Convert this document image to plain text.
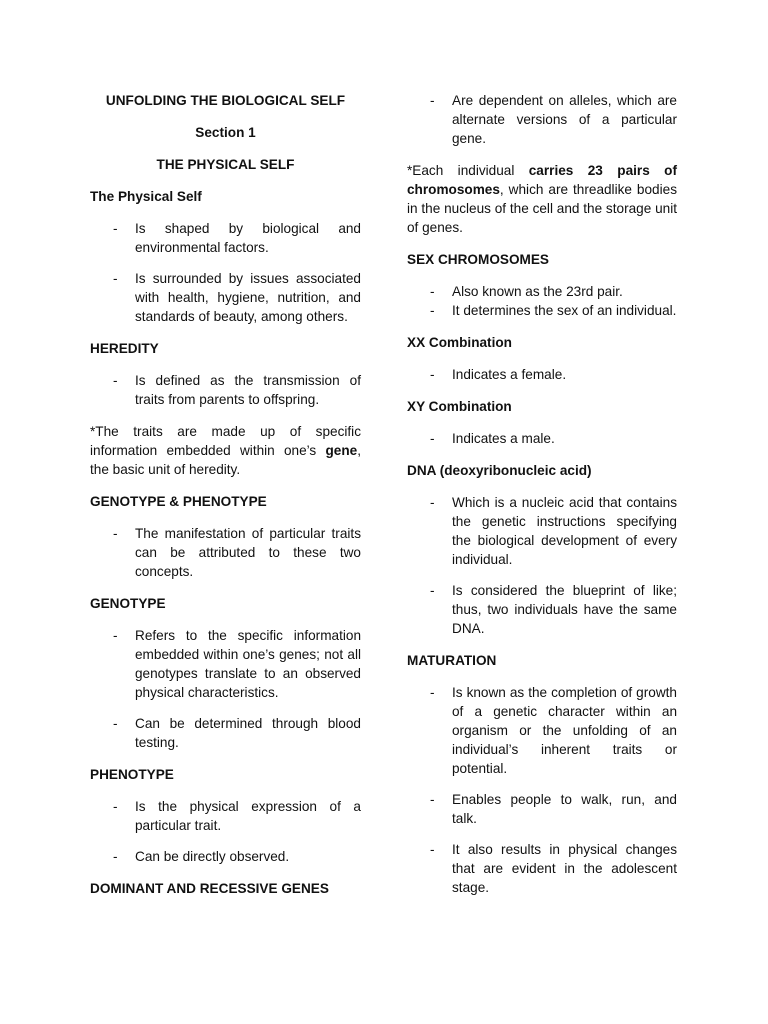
UNFOLDING THE BIOLOGICAL SELF
Section 1
THE PHYSICAL SELF
The Physical Self
- Is shaped by biological and environmental factors.
- Is surrounded by issues associated with health, hygiene, nutrition, and standards of beauty, among others.
HEREDITY
- Is defined as the transmission of traits from parents to offspring.
*The traits are made up of specific information embedded within one’s gene, the basic unit of heredity.
GENOTYPE & PHENOTYPE
- The manifestation of particular traits can be attributed to these two concepts.
GENOTYPE
- Refers to the specific information embedded within one’s genes; not all genotypes translate to an observed physical characteristics.
- Can be determined through blood testing.
PHENOTYPE
- Is the physical expression of a particular trait.
- Can be directly observed.
DOMINANT AND RECESSIVE GENES
- Are dependent on alleles, which are alternate versions of a particular gene.
*Each individual carries 23 pairs of chromosomes, which are threadlike bodies in the nucleus of the cell and the storage unit of genes.
SEX CHROMOSOMES
- Also known as the 23rd pair.
- It determines the sex of an individual.
XX Combination
- Indicates a female.
XY Combination
- Indicates a male.
DNA (deoxyribonucleic acid)
- Which is a nucleic acid that contains the genetic instructions specifying the biological development of every individual.
- Is considered the blueprint of like; thus, two individuals have the same DNA.
MATURATION
- Is known as the completion of growth of a genetic character within an organism or the unfolding of an individual’s inherent traits or potential.
- Enables people to walk, run, and talk.
- It also results in physical changes that are evident in the adolescent stage.
